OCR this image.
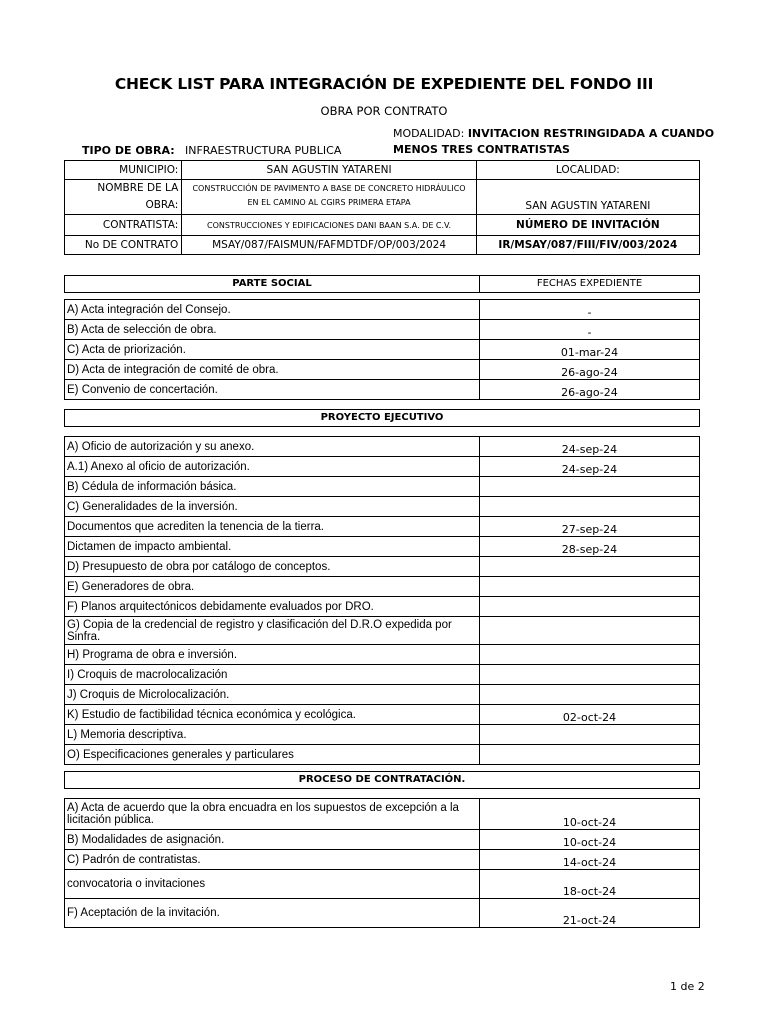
CHECK LIST PARA INTEGRACIÓN DE EXPEDIENTE DEL FONDO III
OBRA POR CONTRATO
MODALIDAD: INVITACION RESTRINGIDADA A CUANDO
MENOS TRES CONTRATISTAS
TIPO DE OBRA: INFRAESTRUCTURA PUBLICA
MUNICIPIO:	SAN AGUSTIN YATARENI	LOCALIDAD:
NOMBRE DE LA
OBRA:	CONSTRUCCIÓN DE PAVIMENTO A BASE DE CONCRETO HIDRÁULICO
EN EL CAMINO AL CGIRS PRIMERA ETAPA	SAN AGUSTIN YATARENI
CONTRATISTA:	CONSTRUCCIONES Y EDIFICACIONES DANI BAAN S.A. DE C.V.	NÚMERO DE INVITACIÓN
No DE CONTRATO	MSAY/087/FAISMUN/FAFMDTDF/OP/003/2024	IR/MSAY/087/FIII/FIV/003/2024
PARTE SOCIAL	FECHAS EXPEDIENTE
A) Acta integración del Consejo.	-
B) Acta de selección de obra.	-
C) Acta de priorización.	01-mar-24
D) Acta de integración de comité de obra.	26-ago-24
E) Convenio de concertación.	26-ago-24
PROYECTO EJECUTIVO
A) Oficio de autorización y su anexo.	24-sep-24
A.1) Anexo al oficio de autorización.	24-sep-24
B) Cédula de información básica.	
C) Generalidades de la inversión.	
Documentos que acrediten la tenencia de la tierra.	27-sep-24
Dictamen de impacto ambiental.	28-sep-24
D) Presupuesto de obra por catálogo de conceptos.	
E) Generadores de obra.	
F) Planos arquitectónicos debidamente evaluados por DRO.	
G) Copia de la credencial de registro y clasificación del D.R.O expedida por Sinfra.	
H) Programa de obra e inversión.	
I) Croquis de macrolocalización	
J) Croquis de Microlocalización.	
K) Estudio de factibilidad técnica económica y ecológica.	02-oct-24
L) Memoria descriptiva.	
O) Especificaciones generales y particulares	
PROCESO DE CONTRATACIÓN.
A) Acta de acuerdo que la obra encuadra en los supuestos de excepción a la licitación pública.	10-oct-24
B) Modalidades de asignación.	10-oct-24
C) Padrón de contratistas.	14-oct-24
convocatoria o invitaciones	18-oct-24
F) Aceptación de la invitación.	21-oct-24
1 de 2
